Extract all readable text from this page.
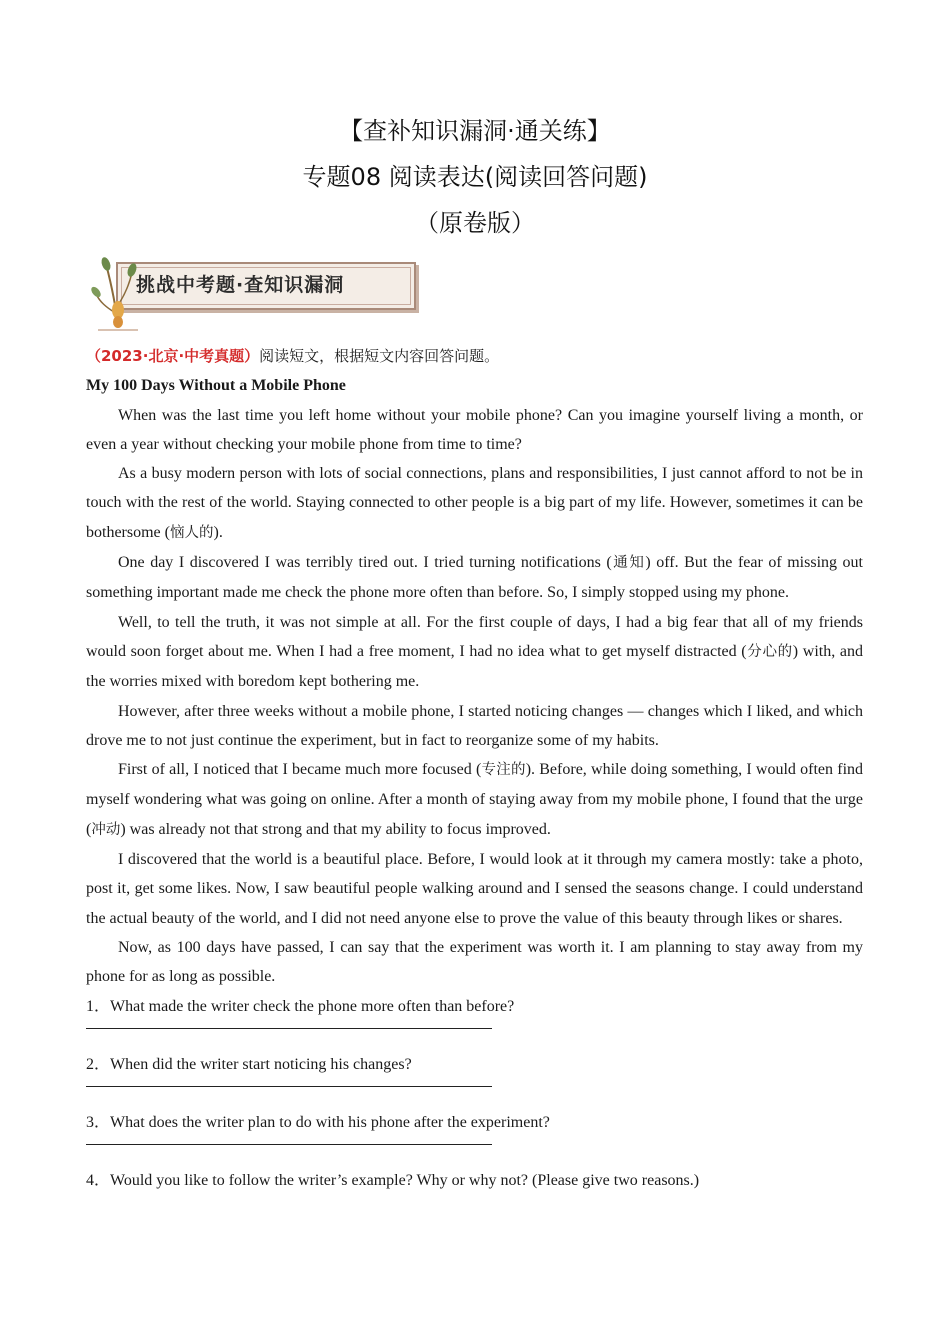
【查补知识漏洞·通关练】
专题08 阅读表达(阅读回答问题)
（原卷版）
挑战中考题·查知识漏洞

（2023·北京·中考真题）阅读短文，根据短文内容回答问题。

My 100 Days Without a Mobile Phone

When was the last time you left home without your mobile phone? Can you imagine yourself living a month, or even a year without checking your mobile phone from time to time?

As a busy modern person with lots of social connections, plans and responsibilities, I just cannot afford to not be in touch with the rest of the world. Staying connected to other people is a big part of my life. However, sometimes it can be bothersome (恼人的).

One day I discovered I was terribly tired out. I tried turning notifications (通知) off. But the fear of missing out something important made me check the phone more often than before. So, I simply stopped using my phone.

Well, to tell the truth, it was not simple at all. For the first couple of days, I had a big fear that all of my friends would soon forget about me. When I had a free moment, I had no idea what to get myself distracted (分心的) with, and the worries mixed with boredom kept bothering me.

However, after three weeks without a mobile phone, I started noticing changes — changes which I liked, and which drove me to not just continue the experiment, but in fact to reorganize some of my habits.

First of all, I noticed that I became much more focused (专注的). Before, while doing something, I would often find myself wondering what was going on online. After a month of staying away from my mobile phone, I found that the urge (冲动) was already not that strong and that my ability to focus improved.

I discovered that the world is a beautiful place. Before, I would look at it through my camera mostly: take a photo, post it, get some likes. Now, I saw beautiful people walking around and I sensed the seasons change. I could understand the actual beauty of the world, and I did not need anyone else to prove the value of this beauty through likes or shares.

Now, as 100 days have passed, I can say that the experiment was worth it. I am planning to stay away from my phone for as long as possible.

1．What made the writer check the phone more often than before?

2．When did the writer start noticing his changes?

3．What does the writer plan to do with his phone after the experiment?

4．Would you like to follow the writer’s example? Why or why not? (Please give two reasons.)
